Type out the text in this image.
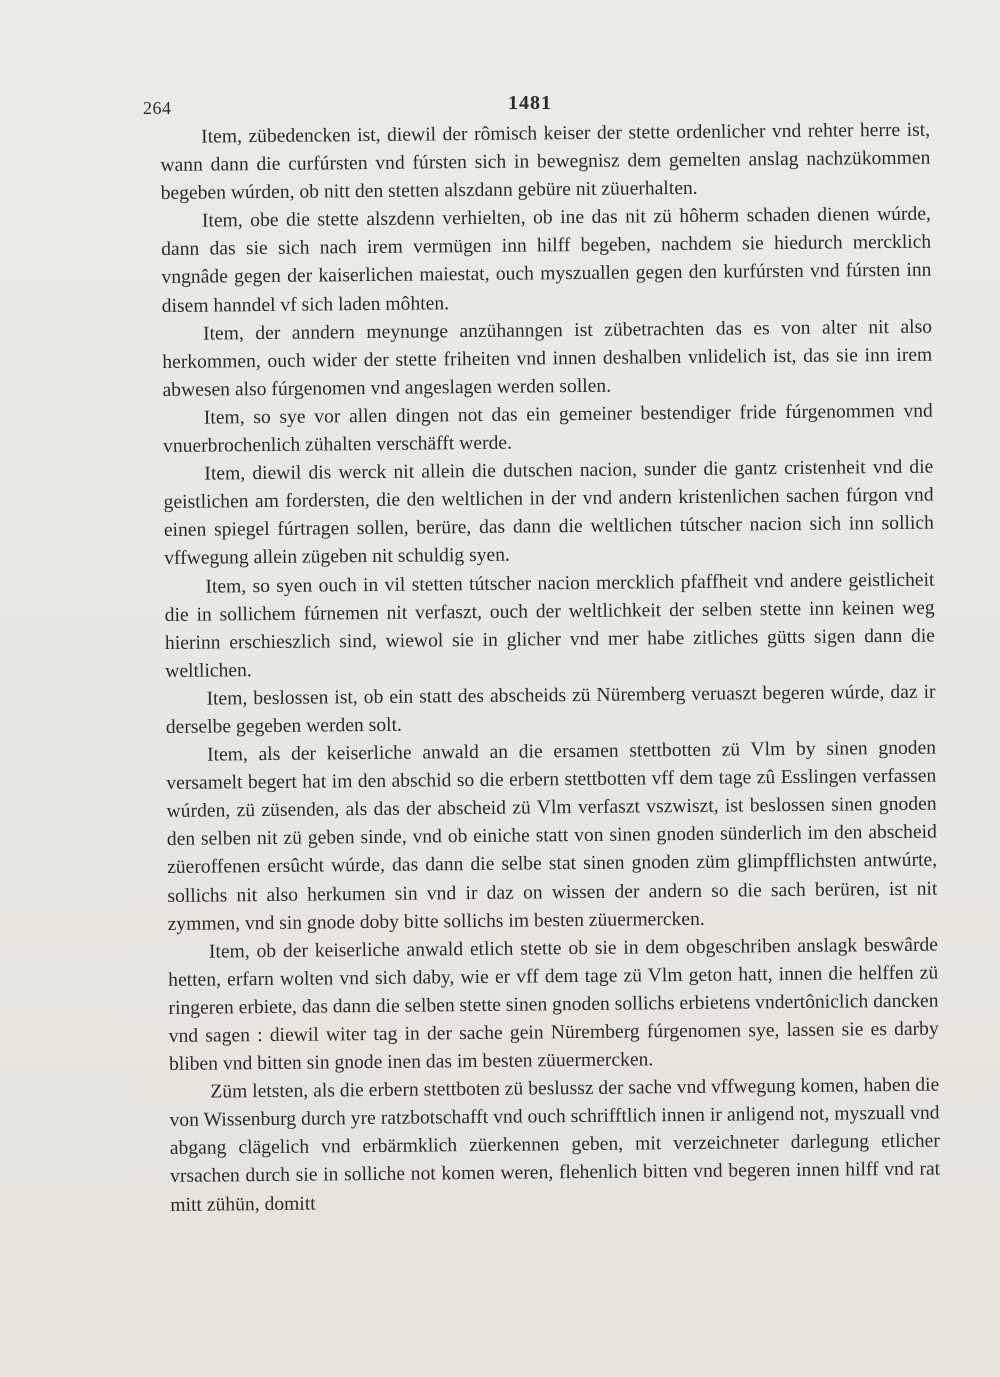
264	1481

Item, zübedencken ist, diewil der rômisch keiser der stette ordenlicher vnd rehter herre ist, wann dann die curfúrsten vnd fúrsten sich in bewegnisz dem gemelten anslag nachzükommen begeben wúrden, ob nitt den stetten alszdann gebüre nit züuerhalten.

Item, obe die stette alszdenn verhielten, ob ine das nit zü hôherm schaden dienen wúrde, dann das sie sich nach irem vermügen inn hilff begeben, nachdem sie hiedurch mercklich vngnâde gegen der kaiserlichen maiestat, ouch myszuallen gegen den kurfúrsten vnd fúrsten inn disem hanndel vf sich laden môhten.

Item, der anndern meynunge anzühanngen ist zübetrachten das es von alter nit also herkommen, ouch wider der stette friheiten vnd innen deshalben vnlidelich ist, das sie inn irem abwesen also fúrgenomen vnd angeslagen werden sollen.

Item, so sye vor allen dingen not das ein gemeiner bestendiger fride fúrgenommen vnd vnuerbrochenlich zühalten verschäfft werde.

Item, diewil dis werck nit allein die dutschen nacion, sunder die gantz cristenheit vnd die geistlichen am fordersten, die den weltlichen in der vnd andern kristenlichen sachen fúrgon vnd einen spiegel fúrtragen sollen, berüre, das dann die weltlichen tútscher nacion sich inn sollich vffwegung allein zügeben nit schuldig syen.

Item, so syen ouch in vil stetten tútscher nacion mercklich pfaffheit vnd andere geistlicheit die in sollichem fúrnemen nit verfaszt, ouch der weltlichkeit der selben stette inn keinen weg hierinn erschieszlich sind, wiewol sie in glicher vnd mer habe zitliches gütts sigen dann die weltlichen.

Item, beslossen ist, ob ein statt des abscheids zü Nüremberg veruaszt begeren wúrde, daz ir derselbe gegeben werden solt.

Item, als der keiserliche anwald an die ersamen stettbotten zü Vlm by sinen gnoden versamelt begert hat im den abschid so die erbern stettbotten vff dem tage zû Esslingen verfassen wúrden, zü züsenden, als das der abscheid zü Vlm verfaszt vszwiszt, ist beslossen sinen gnoden den selben nit zü geben sinde, vnd ob einiche statt von sinen gnoden sünderlich im den abscheid züeroffenen ersûcht wúrde, das dann die selbe stat sinen gnoden züm glimpfflichsten antwúrte, sollichs nit also herkumen sin vnd ir daz on wissen der andern so die sach berüren, ist nit zymmen, vnd sin gnode doby bitte sollichs im besten züuermercken.

Item, ob der keiserliche anwald etlich stette ob sie in dem obgeschriben anslagk beswârde hetten, erfarn wolten vnd sich daby, wie er vff dem tage zü Vlm geton hatt, innen die helffen zü ringeren erbiete, das dann die selben stette sinen gnoden sollichs erbietens vndertôniclich dancken vnd sagen : diewil witer tag in der sache gein Nüremberg fúrgenomen sye, lassen sie es darby bliben vnd bitten sin gnode inen das im besten züuermercken.

Züm letsten, als die erbern stettboten zü beslussz der sache vnd vffwegung komen, haben die von Wissenburg durch yre ratzbotschafft vnd ouch schrifftlich innen ir anligend not, myszuall vnd abgang clägelich vnd erbärmklich züerkennen geben, mit verzeichneter darlegung etlicher vrsachen durch sie in solliche not komen weren, flehenlich bitten vnd begeren innen hilff vnd rat mitt zühün, domitt
